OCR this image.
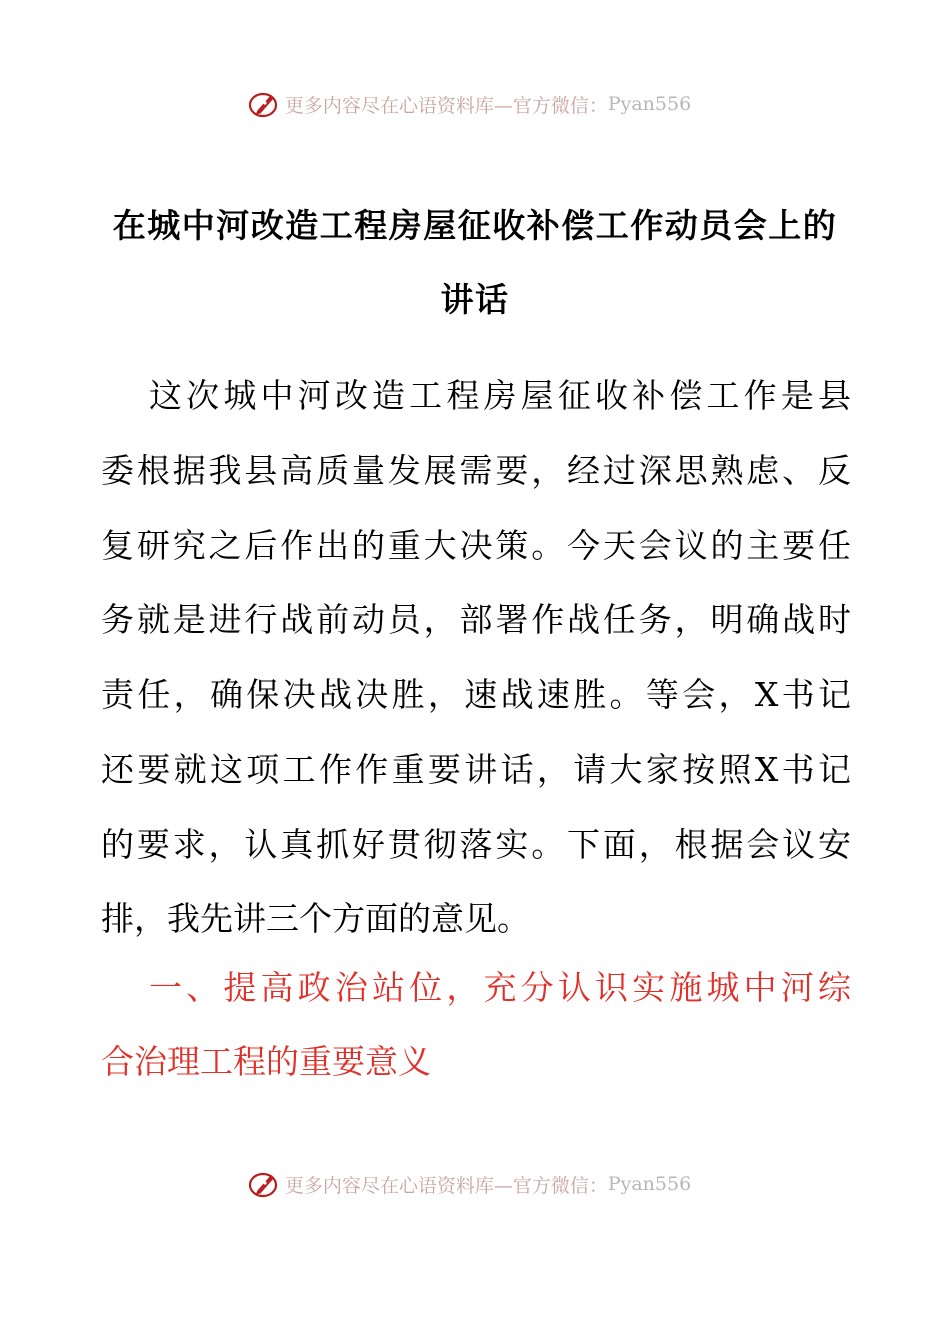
更多内容尽在心语资料库—官方微信： Pyan556
在城中河改造工程房屋征收补偿工作动员会上的
讲话
这次城中河改造工程房屋征收补偿工作是县
委根据我县高质量发展需要，经过深思熟虑、反
复研究之后作出的重大决策。今天会议的主要任
务就是进行战前动员，部署作战任务，明确战时
责任，确保决战决胜，速战速胜。等会，X书记
还要就这项工作作重要讲话，请大家按照X书记
的要求，认真抓好贯彻落实。下面，根据会议安
排，我先讲三个方面的意见。
一、提高政治站位，充分认识实施城中河综
合治理工程的重要意义
更多内容尽在心语资料库—官方微信： Pyan556
